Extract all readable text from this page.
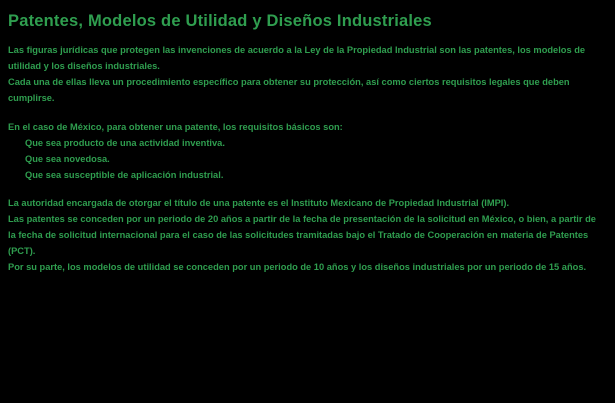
Patentes, Modelos de Utilidad y Diseños Industriales

Las figuras jurídicas que protegen las invenciones de acuerdo a la Ley de la Propiedad Industrial son las patentes, los modelos de utilidad y los diseños industriales.

Cada una de ellas lleva un procedimiento específico para obtener su protección, así como ciertos requisitos legales que deben cumplirse.

En el caso de México, para obtener una patente, los requisitos básicos son:

Que sea producto de una actividad inventiva.
Que sea novedosa.
Que sea susceptible de aplicación industrial.

La autoridad encargada de otorgar el título de una patente es el Instituto Mexicano de Propiedad Industrial (IMPI).

Las patentes se conceden por un periodo de 20 años a partir de la fecha de presentación de la solicitud en México, o bien, a partir de la fecha de solicitud internacional para el caso de las solicitudes tramitadas bajo el Tratado de Cooperación en materia de Patentes (PCT).

Por su parte, los modelos de utilidad se conceden por un periodo de 10 años y los diseños industriales por un periodo de 15 años.
